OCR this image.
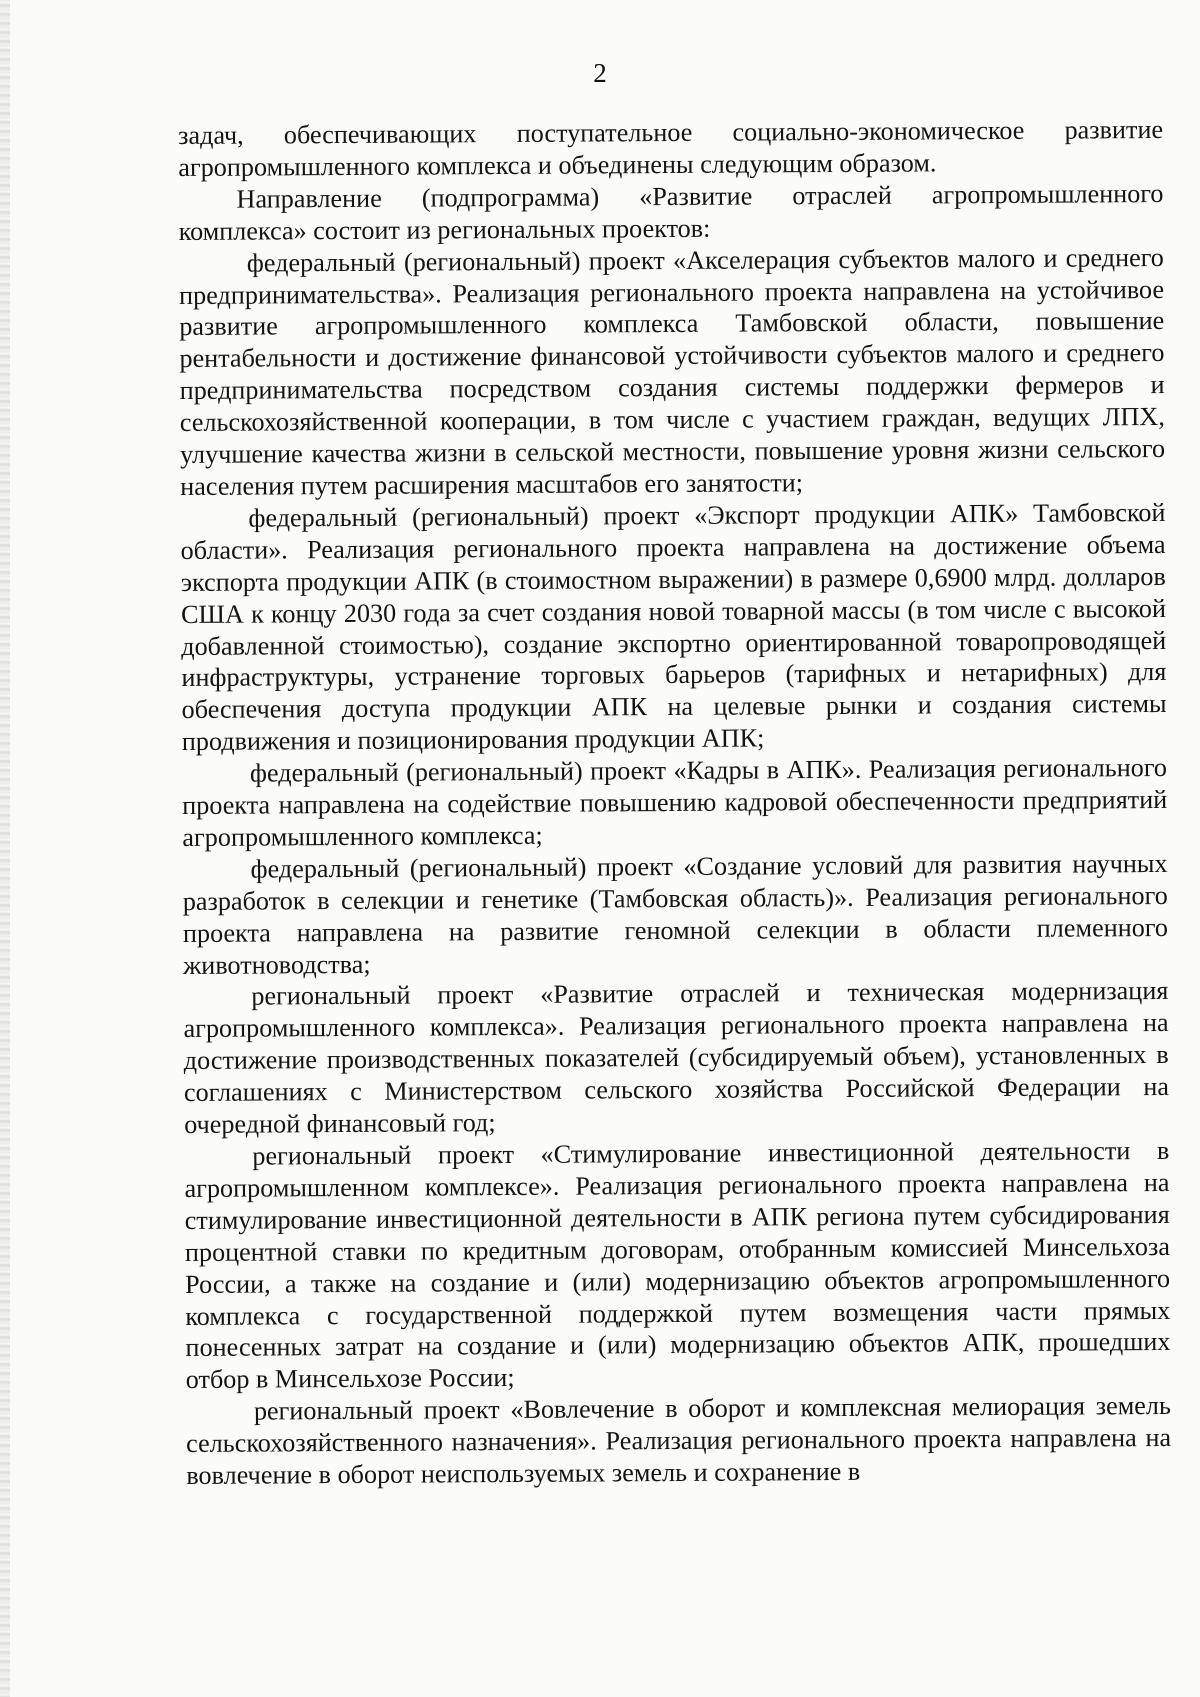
2

задач, обеспечивающих поступательное социально-экономическое развитие агропромышленного комплекса и объединены следующим образом.

Направление (подпрограмма) «Развитие отраслей агропромышленного комплекса» состоит из региональных проектов:

федеральный (региональный) проект «Акселерация субъектов малого и среднего предпринимательства». Реализация регионального проекта направлена на устойчивое развитие агропромышленного комплекса Тамбовской области, повышение рентабельности и достижение финансовой устойчивости субъектов малого и среднего предпринимательства посредством создания системы поддержки фермеров и сельскохозяйственной кооперации, в том числе с участием граждан, ведущих ЛПХ, улучшение качества жизни в сельской местности, повышение уровня жизни сельского населения путем расширения масштабов его занятости;

федеральный (региональный) проект «Экспорт продукции АПК» Тамбовской области». Реализация регионального проекта направлена на достижение объема экспорта продукции АПК (в стоимостном выражении) в размере 0,6900 млрд. долларов США к концу 2030 года за счет создания новой товарной массы (в том числе с высокой добавленной стоимостью), создание экспортно ориентированной товаропроводящей инфраструктуры, устранение торговых барьеров (тарифных и нетарифных) для обеспечения доступа продукции АПК на целевые рынки и создания системы продвижения и позиционирования продукции АПК;

федеральный (региональный) проект «Кадры в АПК». Реализация регионального проекта направлена на содействие повышению кадровой обеспеченности предприятий агропромышленного комплекса;

федеральный (региональный) проект «Создание условий для развития научных разработок в селекции и генетике (Тамбовская область)». Реализация регионального проекта направлена на развитие геномной селекции в области племенного животноводства;

региональный проект «Развитие отраслей и техническая модернизация агропромышленного комплекса». Реализация регионального проекта направлена на достижение производственных показателей (субсидируемый объем), установленных в соглашениях с Министерством сельского хозяйства Российской Федерации на очередной финансовый год;

региональный проект «Стимулирование инвестиционной деятельности в агропромышленном комплексе». Реализация регионального проекта направлена на стимулирование инвестиционной деятельности в АПК региона путем субсидирования процентной ставки по кредитным договорам, отобранным комиссией Минсельхоза России, а также на создание и (или) модернизацию объектов агропромышленного комплекса с государственной поддержкой путем возмещения части прямых понесенных затрат на создание и (или) модернизацию объектов АПК, прошедших отбор в Минсельхозе России;

региональный проект «Вовлечение в оборот и комплексная мелиорация земель сельскохозяйственного назначения». Реализация регионального проекта направлена на вовлечение в оборот неиспользуемых земель и сохранение в
